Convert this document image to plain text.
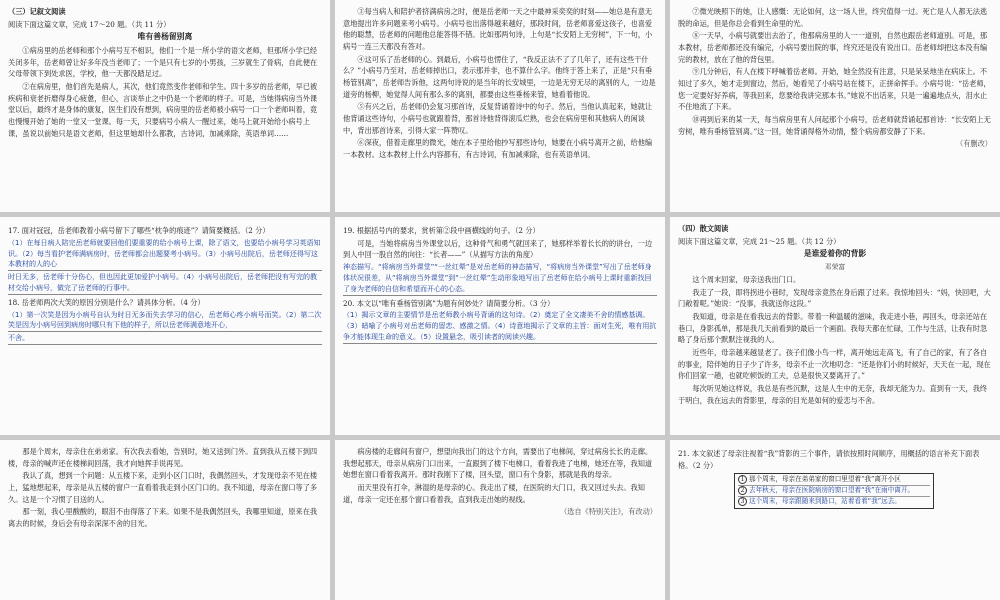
（三）记叙文阅读

阅读下面这篇文章，完成 17～20 题。（共 11 分）

唯有善杨留别离

①病房里的岳老师和那个小病号互不相识，他们一个是一所小学的语文老师，但那所小学已经关闭多年，岳老师曾让好多年没当老师了；一个是只有七岁的小男孩，三岁就生了骨病，自此便在父母带领下到处求医，学校，他一天都没踏足过。

②在病房里，他们首先是病人，其次，他们竟然变作老师和学生。四十多岁的岳老师，早已被疾病和衰老折磨得身心疲惫，但心，言谈举止之中仍是一个老师的样子。可是，当她得病房当外课堂以后，最终才是身体的康复，医生们没有想到，病房里的岳老师被小病号一口一个老师叫着，竟也慢慢开始了她的一堂又一堂课。每一天，只要病号小病人一醒过来，她马上就开始给小病号上课，虽说以前她只是语文老师，但这里她却什么都教，古诗词，加减乘除，英语单词……

③每当病人和陪护者挤满病房之时，便是岳老师一天之中最神采奕奕的时刻——她总是有意无意地提出许多问题来考小病号。小病号也出落得越来越好，那段时间，岳老师喜爱这孩子，也喜爱他的聪慧，岳老师的问题他总能答得不错。比如那两句诗，上句是“长安陌上无穷树”，下一句，小病号一连三天都没有答对。

④这可乐了岳老师的心。到最后，小病号也愣住了，“我反正法不了了几年了，还有这些干什么？”小病号乃至对，岳老师掉出口，表示那并非，也不算什么字。他终于答上来了，正是“只有垂杨管别离”，岳老师告诉他，这两句诗说的是当年的长安城里，一边是无穷无尽的离别的人，一边是道旁的杨柳，她觉得人间有那么多的离别，都要由这些垂杨来管，她看着他说。

⑤有兴之后，岳老师仍会复习那首诗，反复背诵着诗中的句子。然后，当他认真起来，她就让他背诵这些诗句，小病号也就跟着背，那首诗他背得滚瓜烂熟，也会在病房里和其他病人的闲谈中，背出那首诗来，引得大家一阵赞叹。

⑥深夜，借着走廊里的微光，她在本子里给他抄写那些诗句，她要在小病号离开之前，给他编一本教材。这本教材上什么内容都有，有古诗词，有加减乘除，也有英语单词。

⑦微光映照下的她，让人感慨：无论如何，这一场人世，终究值得一过。死亡是人人都无法逃脱的命运，但是你总会看到生命里的光。

⑧一天早，小病号就要出去治了，他那病房里的人一一道别，自然也跟岳老师道别。可是，那本教材，岳老师都还没有编完，小病号要出院的事，终究还是没有说出口。岳老师却把这本没有编完的教材，放在了他的背包里。

⑨几分钟后，有人在楼下呼喊着岳老师。开始，她全然没有注意，只是呆呆地坐在病床上。不知过了多久，她才走到窗边，然后，她看见了小病号站在楼下，正拼命挥手。小病号说：“岳老师，您一定要好好养病，等我回来，您要给我讲完那本书。”她说不出话来，只是一遍遍地点头，泪水止不住地流了下来。

⑩再到后来的某一天，每当病房里有人问起那个小病号，岳老师就背诵起那首诗：“长安陌上无穷树，唯有垂杨管别离。”这一回，她背诵得格外动情，整个病房都安静了下来。

（有删改）

17. 面对冠冠，岳老师教着小病号留下了哪些“枕争的痕迹”？请简要概括。（2 分）

（1）在每日病人陪完岳老师就要回他们要重要的给小病号上课，除了语文，也要给小病号学习英语知识。（2）每当看护老师满病房时，岳老师都会出题要考小病号。（3）小病号出院后，岳老师还得写这本教材的人的心

时日无多，岳老师十分伤心，但也因此更加爱护小病号。（4）小病号出院后，岳老师把没有写完的教材交给小病号，做完了岳老师的行事中。

18. 岳老师两次大笑的原因分别是什么？请具体分析。（4 分）

（1）第一次笑是因为小病号自认为时日无多而失去学习的信心，岳老师心疼小病号而笑。（2）第二次笑是因为小病号回到病房时哪只有下他的样子，所以岳老师满意地开心，

不舍。

19. 根据括号内的要求，赏析第②段中画横线的句子。（2 分）

可是，当她将病房当外课堂以后，这种骨气和勇气就回来了，她那样举着长长的的讲台，一边到人中回一股自然的向往：“长者——”（从描写方法的角度）

神态描写。“将病房当外课堂”“一丝红晕”是对岳老师的神态描写，“将病房当外课堂”写出了岳老师身体状况很差，从“将病房当外课堂”到“一丝红晕”生动形象地写出了岳老师在给小病号上课时重新找回了身为老师的自信和希望而开心的心态。

20. 本文以“唯有垂杨管别离”为题有何妙处？请简要分析。（3 分）

（1）揭示文章的主要情节是岳老师教小病号背诵的这句诗。（2）奠定了全文凄美不舍的情感基调。（3）暗喻了小病号对岳老师的留恋、感激之情。（4）诗意地揭示了文章的主旨：面对生死，唯有用抗争才能体现生命的意义。（5）设置悬念，吸引读者的阅读兴趣。

（四）散文阅读

阅读下面这篇文章，完成 21～25 题。（共 12 分）

是谁爱着你的背影

邓荣富

这个周末回家，母亲送我出门口。

我走了一段，即将拐进小巷时，发现母亲竟然在身后跟了过来。我惊地回头：“妈，快回吧，大门敞着呢。”她说：“没事，我就送你这段。”

我知道，母亲是在看我远去的背影。带着一种温暖的滋味，我走进小巷，再回头，母亲还站在巷口，身影孤单，那是我几天前看到的最后一个画面。我每天都在忙碌，工作与生活，让我有时忽略了身后那个默默注视我的人。

近些年，母亲越来越显老了。孩子们像小鸟一样，离开她远走高飞，有了自己的家，有了各自的事业，陪伴她的日子少了许多，母亲不止一次地叨念：“还是你们小的时候好，天天在一起，现在你们回家一趟，也就吃顿饭的工夫，总是很快又要离开了。”

每次听见她这样说，我总是有些沉默，这是人生中的无奈，我却无能为力。直到有一天，我终于明白，我在远去的背影里，母亲的目光是如何的爱恋与不舍。

那是个周末，母亲住在弟弟家。有次我去看她，告别时，她又送到门外。直到我从五楼下到四楼，母亲的喊声还在楼梯间回荡，我才向她挥手说再见。

我认了真，想到一个问题：从五楼下来，走到小区门口时，我偶然回头，才发现母亲不见在楼上，猛地想起来，母亲是从五楼的窗户一直看着我走到小区门口的。我不知道，母亲在窗口等了多久。这是一个习惯了目送的人。

那一刻，我心里酸酸的，眼泪不由得落了下来。如果不是我偶然回头，我哪里知道，原来在我离去的时候，身后会有母亲深深不舍的目光。

病房楼的走廊间有窗户，想望向我出门的这个方向，需要出了电梯间，穿过病房长长的走廊。我想起那天，母亲从病房门口出来，一直跟到了楼下电梯口，看着我进了电梯，她还在等，我知道她想在窗口看着我离开。那时我刚下了楼，回头望，窗口有个身影，那就是我的母亲。

而天里没有打伞，淋湿的是母亲的心。我走出了楼，在医院的大门口，我又回过头去。我知道，母亲一定还在那个窗口看着我，直到我走出她的视线。

（选自《特别关注》，有改动）

21. 本文叙述了母亲注视着“我”背影的三个事件，请依按照时间顺序，用概括的语言补充下面表格。（2 分）

1 那个周末，母亲在弟弟家的窗口里望着“我”离开小区
2 去年秋天，母亲在医院病房的窗口望着“我”在雨中离开。
3 这个周末，母亲跟随来到路口，站着看着“我”远去。
